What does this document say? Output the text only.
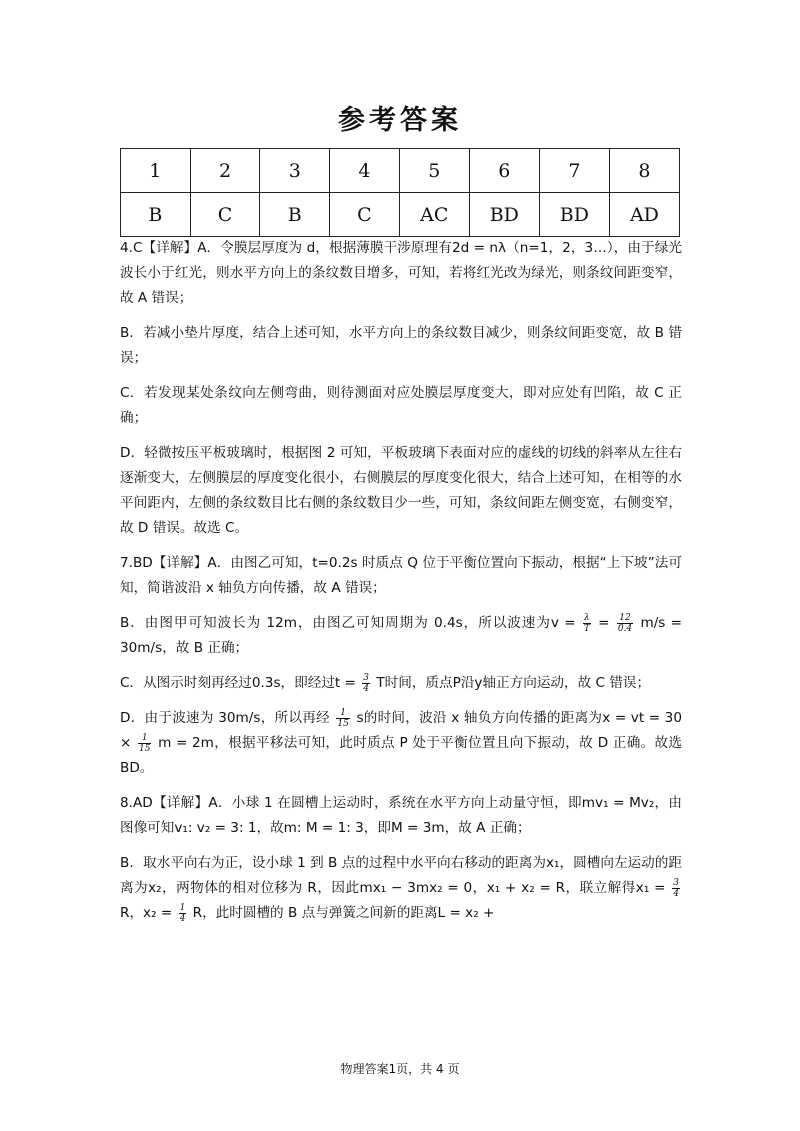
参考答案
1	2	3	4	5	6	7	8
B	C	B	C	AC	BD	BD	AD

4.C【详解】A．令膜层厚度为 d，根据薄膜干涉原理有2d = nλ（n=1，2，3…），由于绿光波长小于红光，则水平方向上的条纹数目增多，可知，若将红光改为绿光，则条纹间距变窄，故 A 错误；

B．若减小垫片厚度，结合上述可知，水平方向上的条纹数目减少，则条纹间距变宽，故 B 错误；

C．若发现某处条纹向左侧弯曲，则待测面对应处膜层厚度变大，即对应处有凹陷，故 C 正确；

D．轻微按压平板玻璃时，根据图 2 可知，平板玻璃下表面对应的虚线的切线的斜率从左往右逐渐变大，左侧膜层的厚度变化很小，右侧膜层的厚度变化很大，结合上述可知，在相等的水平间距内，左侧的条纹数目比右侧的条纹数目少一些，可知，条纹间距左侧变宽，右侧变窄，故 D 错误。故选 C。

7.BD【详解】A．由图乙可知，t=0.2s 时质点 Q 位于平衡位置向下振动，根据“上下坡”法可知，简谐波沿 x 轴负方向传播，故 A 错误；

B．由图甲可知波长为 12m，由图乙可知周期为 0.4s，所以波速为$v = \frac{\lambda}{T} = \frac{12}{0.4} m/s = 30m/s$，故 B 正确；

C．从图示时刻再经过0.3s，即经过$t = \frac{3}{4}$ T时间，质点P沿y轴正方向运动，故 C 错误；

D．由于波速为 30m/s，所以再经 $\frac{1}{15}$ s的时间，波沿 x 轴负方向传播的距离为x = vt = $30 \times \frac{1}{15}$ m = 2m，根据平移法可知，此时质点 P 处于平衡位置且向下振动，故 D 正确。故选 BD。

8.AD【详解】A．小球 1 在圆槽上运动时，系统在水平方向上动量守恒，即mv₁ = Mv₂，由图像可知v₁: v₂ = 3: 1，故m: M = 1: 3，即M = 3m，故 A 正确；

B．取水平向右为正，设小球 1 到 B 点的过程中水平向右移动的距离为x₁，圆槽向左运动的距离为x₂，两物体的相对位移为 R，因此mx₁ − 3mx₂ = 0，x₁ + x₂ = R，联立解得$x_1 = \frac{3}{4}$
R，$x_2 = \frac{1}{4}$ R，此时圆槽的 B 点与弹簧之间新的距离L = x₂ +

物理答案1页，共 4 页
